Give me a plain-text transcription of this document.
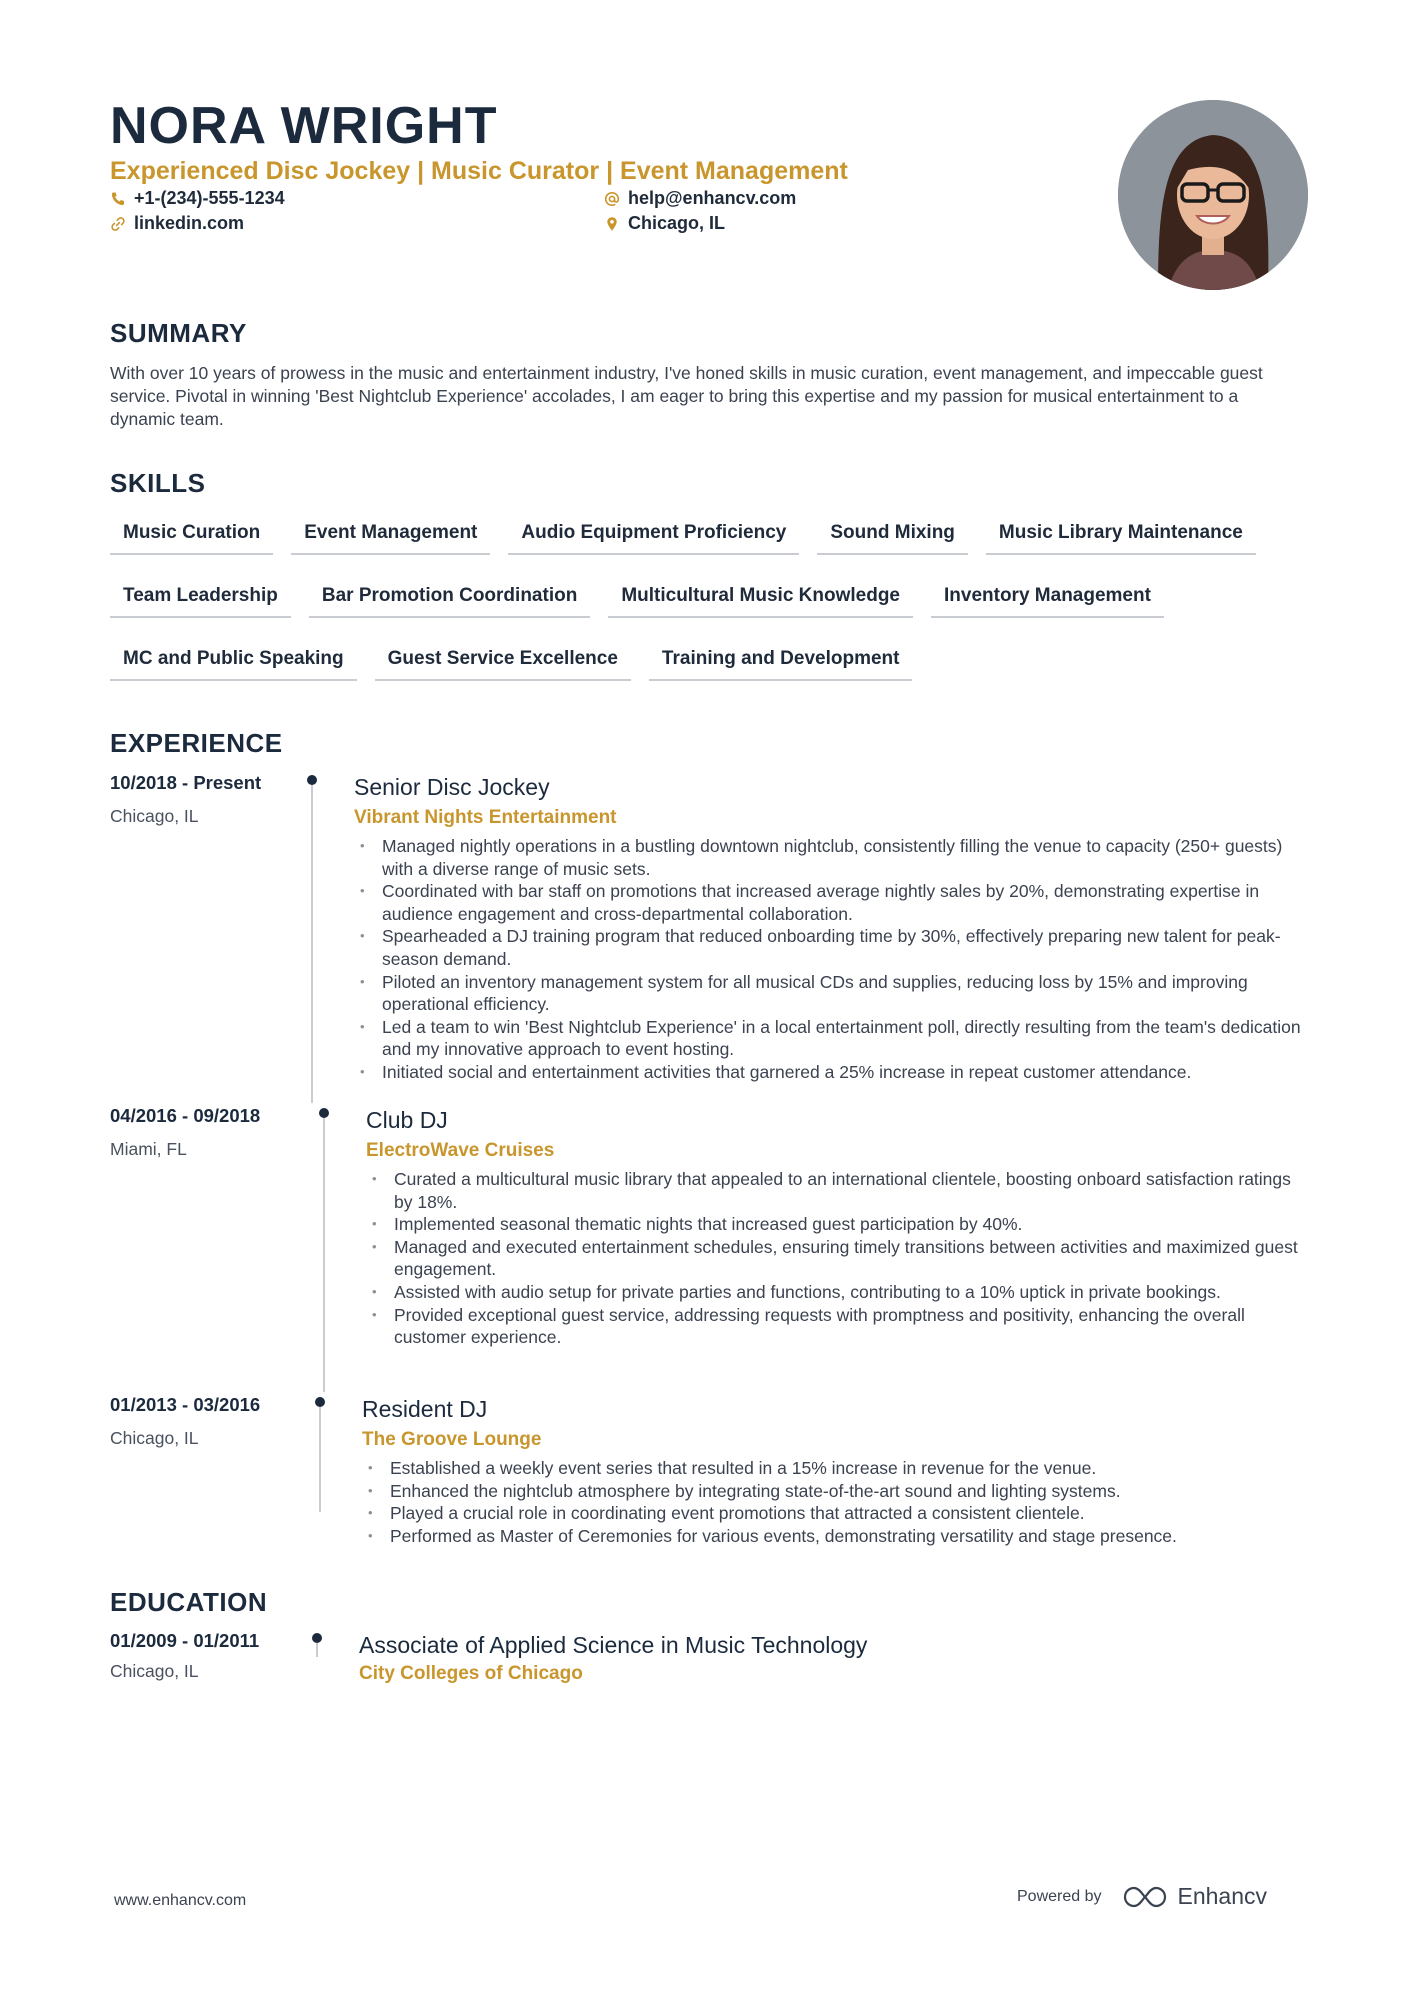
NORA WRIGHT
Experienced Disc Jockey | Music Curator | Event Management
+1-(234)-555-1234	help@enhancv.com
linkedin.com	Chicago, IL
SUMMARY
With over 10 years of prowess in the music and entertainment industry, I've honed skills in music curation, event management, and impeccable guest service. Pivotal in winning 'Best Nightclub Experience' accolades, I am eager to bring this expertise and my passion for musical entertainment to a dynamic team.
SKILLS
Music Curation	Event Management	Audio Equipment Proficiency	Sound Mixing	Music Library Maintenance
Team Leadership	Bar Promotion Coordination	Multicultural Music Knowledge	Inventory Management
MC and Public Speaking	Guest Service Excellence	Training and Development
EXPERIENCE
10/2018 - Present
Chicago, IL
Senior Disc Jockey
Vibrant Nights Entertainment
• Managed nightly operations in a bustling downtown nightclub, consistently filling the venue to capacity (250+ guests) with a diverse range of music sets.
• Coordinated with bar staff on promotions that increased average nightly sales by 20%, demonstrating expertise in audience engagement and cross-departmental collaboration.
• Spearheaded a DJ training program that reduced onboarding time by 30%, effectively preparing new talent for peak-season demand.
• Piloted an inventory management system for all musical CDs and supplies, reducing loss by 15% and improving operational efficiency.
• Led a team to win 'Best Nightclub Experience' in a local entertainment poll, directly resulting from the team's dedication and my innovative approach to event hosting.
• Initiated social and entertainment activities that garnered a 25% increase in repeat customer attendance.
04/2016 - 09/2018
Miami, FL
Club DJ
ElectroWave Cruises
• Curated a multicultural music library that appealed to an international clientele, boosting onboard satisfaction ratings by 18%.
• Implemented seasonal thematic nights that increased guest participation by 40%.
• Managed and executed entertainment schedules, ensuring timely transitions between activities and maximized guest engagement.
• Assisted with audio setup for private parties and functions, contributing to a 10% uptick in private bookings.
• Provided exceptional guest service, addressing requests with promptness and positivity, enhancing the overall customer experience.
01/2013 - 03/2016
Chicago, IL
Resident DJ
The Groove Lounge
• Established a weekly event series that resulted in a 15% increase in revenue for the venue.
• Enhanced the nightclub atmosphere by integrating state-of-the-art sound and lighting systems.
• Played a crucial role in coordinating event promotions that attracted a consistent clientele.
• Performed as Master of Ceremonies for various events, demonstrating versatility and stage presence.
EDUCATION
01/2009 - 01/2011
Chicago, IL
Associate of Applied Science in Music Technology
City Colleges of Chicago
www.enhancv.com	Powered by	Enhancv
